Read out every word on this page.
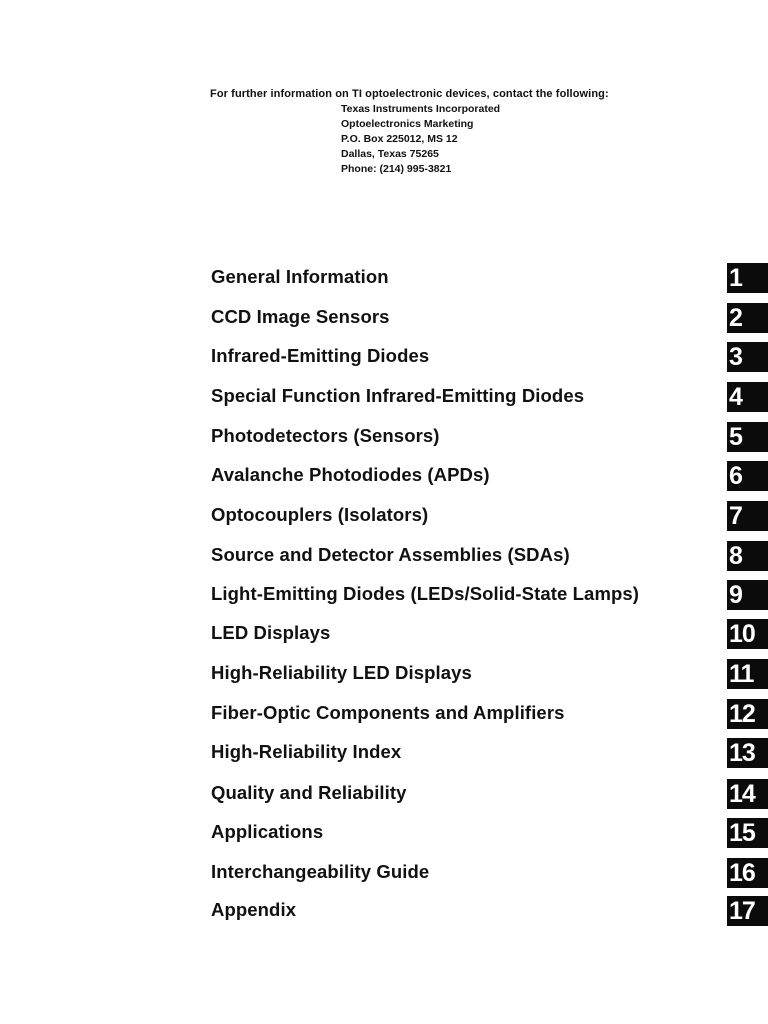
For further information on TI optoelectronic devices, contact the following:
Texas Instruments Incorporated
Optoelectronics Marketing
P.O. Box 225012, MS 12
Dallas, Texas 75265
Phone: (214) 995-3821
General Information	1
CCD Image Sensors	2
Infrared-Emitting Diodes	3
Special Function Infrared-Emitting Diodes	4
Photodetectors (Sensors)	5
Avalanche Photodiodes (APDs)	6
Optocouplers (Isolators)	7
Source and Detector Assemblies (SDAs)	8
Light-Emitting Diodes (LEDs/Solid-State Lamps)	9
LED Displays	10
High-Reliability LED Displays	11
Fiber-Optic Components and Amplifiers	12
High-Reliability Index	13
Quality and Reliability	14
Applications	15
Interchangeability Guide	16
Appendix	17
